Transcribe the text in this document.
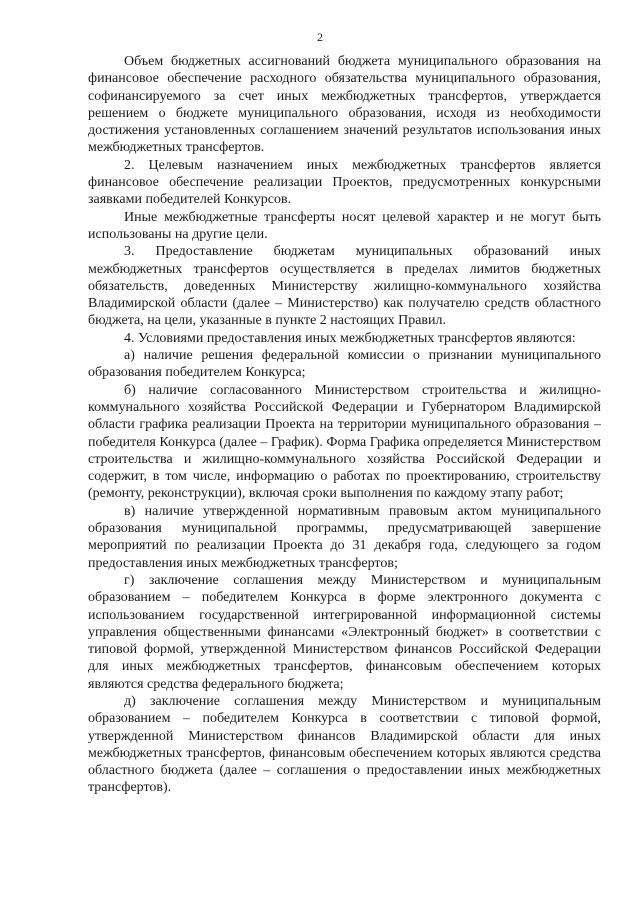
2

Объем бюджетных ассигнований бюджета муниципального образования на финансовое обеспечение расходного обязательства муниципального образования, софинансируемого за счет иных межбюджетных трансфертов, утверждается решением о бюджете муниципального образования, исходя из необходимости достижения установленных соглашением значений результатов использования иных межбюджетных трансфертов.

2. Целевым назначением иных межбюджетных трансфертов является финансовое обеспечение реализации Проектов, предусмотренных конкурсными заявками победителей Конкурсов.

Иные межбюджетные трансферты носят целевой характер и не могут быть использованы на другие цели.

3. Предоставление бюджетам муниципальных образований иных межбюджетных трансфертов осуществляется в пределах лимитов бюджетных обязательств, доведенных Министерству жилищно-коммунального хозяйства Владимирской области (далее – Министерство) как получателю средств областного бюджета, на цели, указанные в пункте 2 настоящих Правил.

4. Условиями предоставления иных межбюджетных трансфертов являются:

а) наличие решения федеральной комиссии о признании муниципального образования победителем Конкурса;

б) наличие согласованного Министерством строительства и жилищно-коммунального хозяйства Российской Федерации и Губернатором Владимирской области графика реализации Проекта на территории муниципального образования – победителя Конкурса (далее – График). Форма Графика определяется Министерством строительства и жилищно-коммунального хозяйства Российской Федерации и содержит, в том числе, информацию о работах по проектированию, строительству (ремонту, реконструкции), включая сроки выполнения по каждому этапу работ;

в) наличие утвержденной нормативным правовым актом муниципального образования муниципальной программы, предусматривающей завершение мероприятий по реализации Проекта до 31 декабря года, следующего за годом предоставления иных межбюджетных трансфертов;

г) заключение соглашения между Министерством и муниципальным образованием – победителем Конкурса в форме электронного документа с использованием государственной интегрированной информационной системы управления общественными финансами «Электронный бюджет» в соответствии с типовой формой, утвержденной Министерством финансов Российской Федерации для иных межбюджетных трансфертов, финансовым обеспечением которых являются средства федерального бюджета;

д) заключение соглашения между Министерством и муниципальным образованием – победителем Конкурса в соответствии с типовой формой, утвержденной Министерством финансов Владимирской области для иных межбюджетных трансфертов, финансовым обеспечением которых являются средства областного бюджета (далее – соглашения о предоставлении иных межбюджетных трансфертов).
